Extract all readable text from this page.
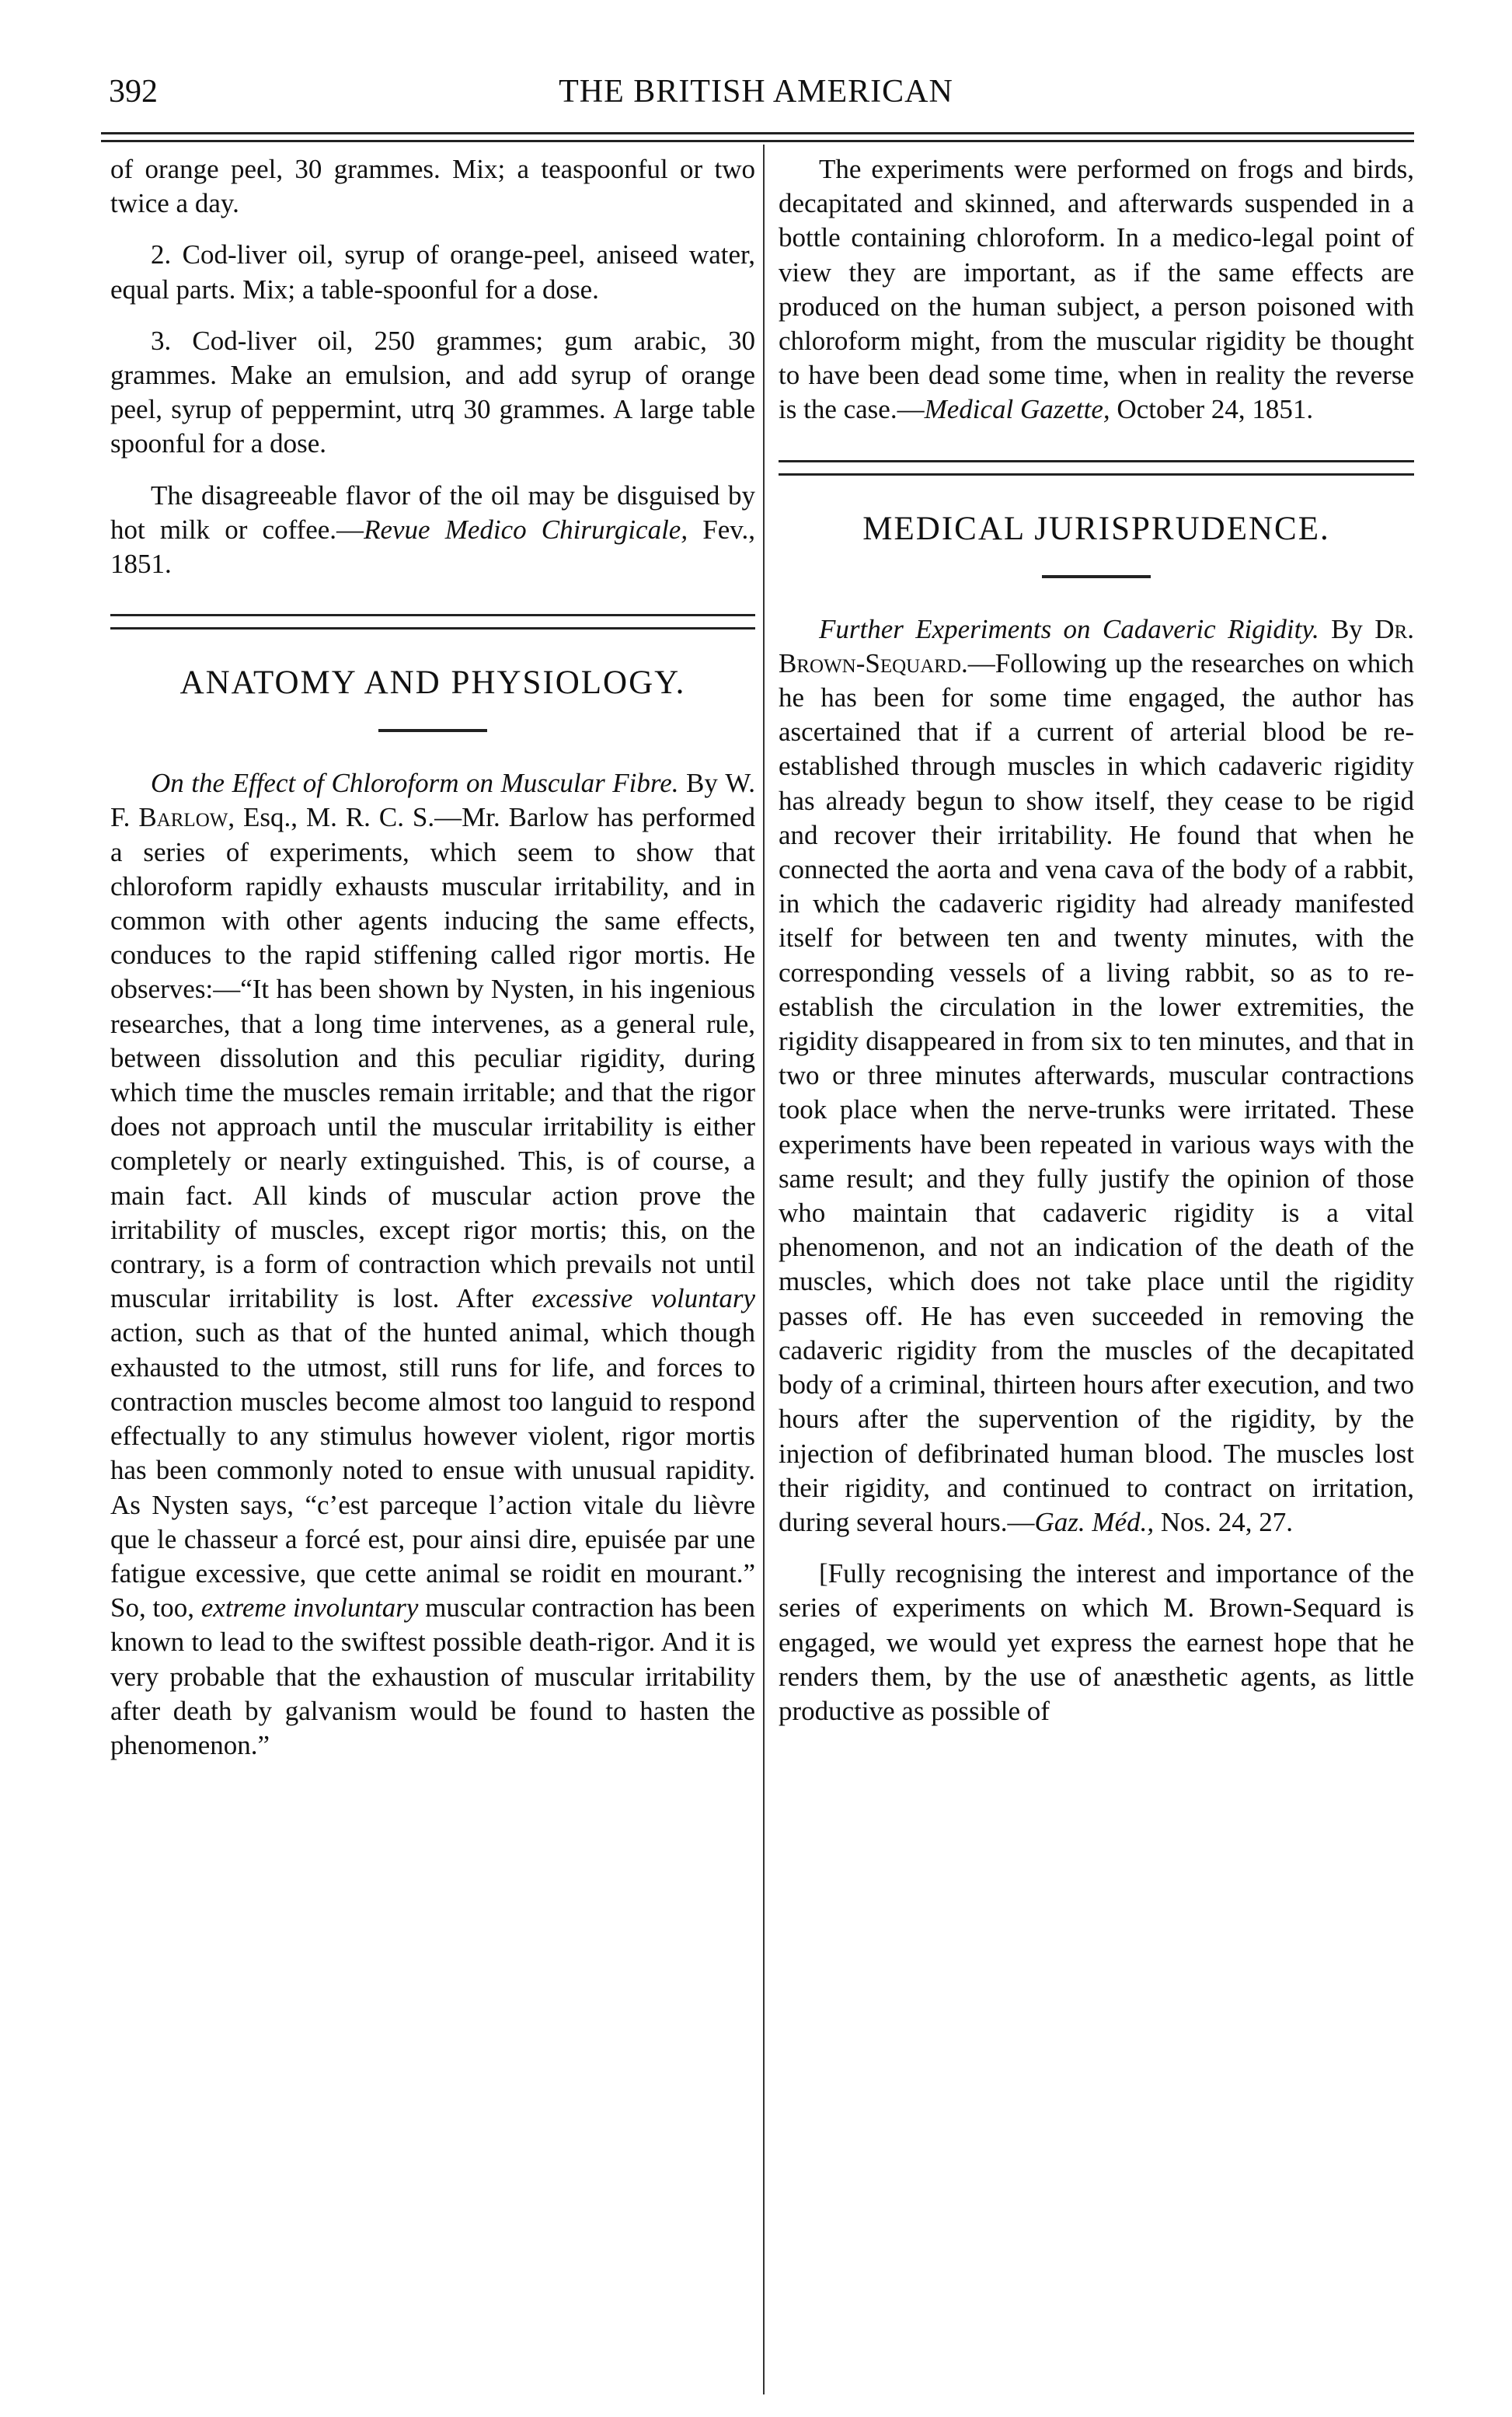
392	THE BRITISH AMERICAN

of orange peel, 30 grammes. Mix; a teaspoonful or two twice a day.

2. Cod-liver oil, syrup of orange-peel, aniseed water, equal parts. Mix; a table-spoonful for a dose.

3. Cod-liver oil, 250 grammes; gum arabic, 30 grammes. Make an emulsion, and add syrup of orange peel, syrup of peppermint, utrq 30 grammes. A large table spoonful for a dose.

The disagreeable flavor of the oil may be disguised by hot milk or coffee.—Revue Medico Chirurgicale, Fev., 1851.

ANATOMY AND PHYSIOLOGY.

On the Effect of Chloroform on Muscular Fibre. By W. F. Barlow, Esq., M. R. C. S.—Mr. Barlow has performed a series of experiments, which seem to show that chloroform rapidly exhausts muscular irritability, and in common with other agents inducing the same effects, conduces to the rapid stiffening called rigor mortis. He observes:—“It has been shown by Nysten, in his ingenious researches, that a long time intervenes, as a general rule, between dissolution and this peculiar rigidity, during which time the muscles remain irritable; and that the rigor does not approach until the muscular irritability is either completely or nearly extinguished. This, is of course, a main fact. All kinds of muscular action prove the irritability of muscles, except rigor mortis; this, on the contrary, is a form of contraction which prevails not until muscular irritability is lost. After excessive voluntary action, such as that of the hunted animal, which though exhausted to the utmost, still runs for life, and forces to contraction muscles become almost too languid to respond effectually to any stimulus however violent, rigor mortis has been commonly noted to ensue with unusual rapidity. As Nysten says, “c’est parceque l’action vitale du lièvre que le chasseur a forcé est, pour ainsi dire, epuisée par une fatigue excessive, que cette animal se roidit en mourant.” So, too, extreme involuntary muscular contraction has been known to lead to the swiftest possible death-rigor. And it is very probable that the exhaustion of muscular irritability after death by galvanism would be found to hasten the phenomenon.”

The experiments were performed on frogs and birds, decapitated and skinned, and afterwards suspended in a bottle containing chloroform. In a medico-legal point of view they are important, as if the same effects are produced on the human subject, a person poisoned with chloroform might, from the muscular rigidity be thought to have been dead some time, when in reality the reverse is the case.—Medical Gazette, October 24, 1851.

MEDICAL JURISPRUDENCE.

Further Experiments on Cadaveric Rigidity. By Dr. Brown-Sequard.—Following up the researches on which he has been for some time engaged, the author has ascertained that if a current of arterial blood be re-established through muscles in which cadaveric rigidity has already begun to show itself, they cease to be rigid and recover their irritability. He found that when he connected the aorta and vena cava of the body of a rabbit, in which the cadaveric rigidity had already manifested itself for between ten and twenty minutes, with the corresponding vessels of a living rabbit, so as to re-establish the circulation in the lower extremities, the rigidity disappeared in from six to ten minutes, and that in two or three minutes afterwards, muscular contractions took place when the nerve-trunks were irritated. These experiments have been repeated in various ways with the same result; and they fully justify the opinion of those who maintain that cadaveric rigidity is a vital phenomenon, and not an indication of the death of the muscles, which does not take place until the rigidity passes off. He has even succeeded in removing the cadaveric rigidity from the muscles of the decapitated body of a criminal, thirteen hours after execution, and two hours after the supervention of the rigidity, by the injection of defibrinated human blood. The muscles lost their rigidity, and continued to contract on irritation, during several hours.—Gaz. Méd., Nos. 24, 27.

[Fully recognising the interest and importance of the series of experiments on which M. Brown-Sequard is engaged, we would yet express the earnest hope that he renders them, by the use of anæsthetic agents, as little productive as possible of
